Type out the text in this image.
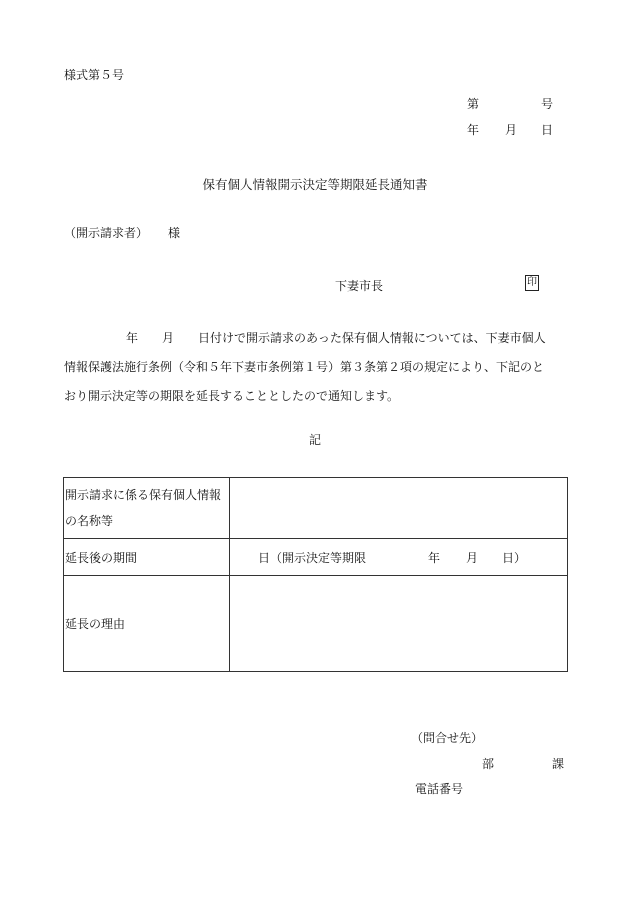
様式第５号
第	号
年 月 日
保有個人情報開示決定等期限延長通知書
（開示請求者） 様
下妻市長	印
年　　月　　日付けで開示請求のあった保有個人情報については、下妻市個人
情報保護法施行条例（令和５年下妻市条例第１号）第３条第２項の規定により、下記のと
おり開示決定等の期限を延長することとしたので通知します。
記
開示請求に係る保有個人情報
の名称等	

延長後の期間	日（開示決定等期限 年 月 日）
延長の理由	
（問合せ先）
部	課
電話番号
